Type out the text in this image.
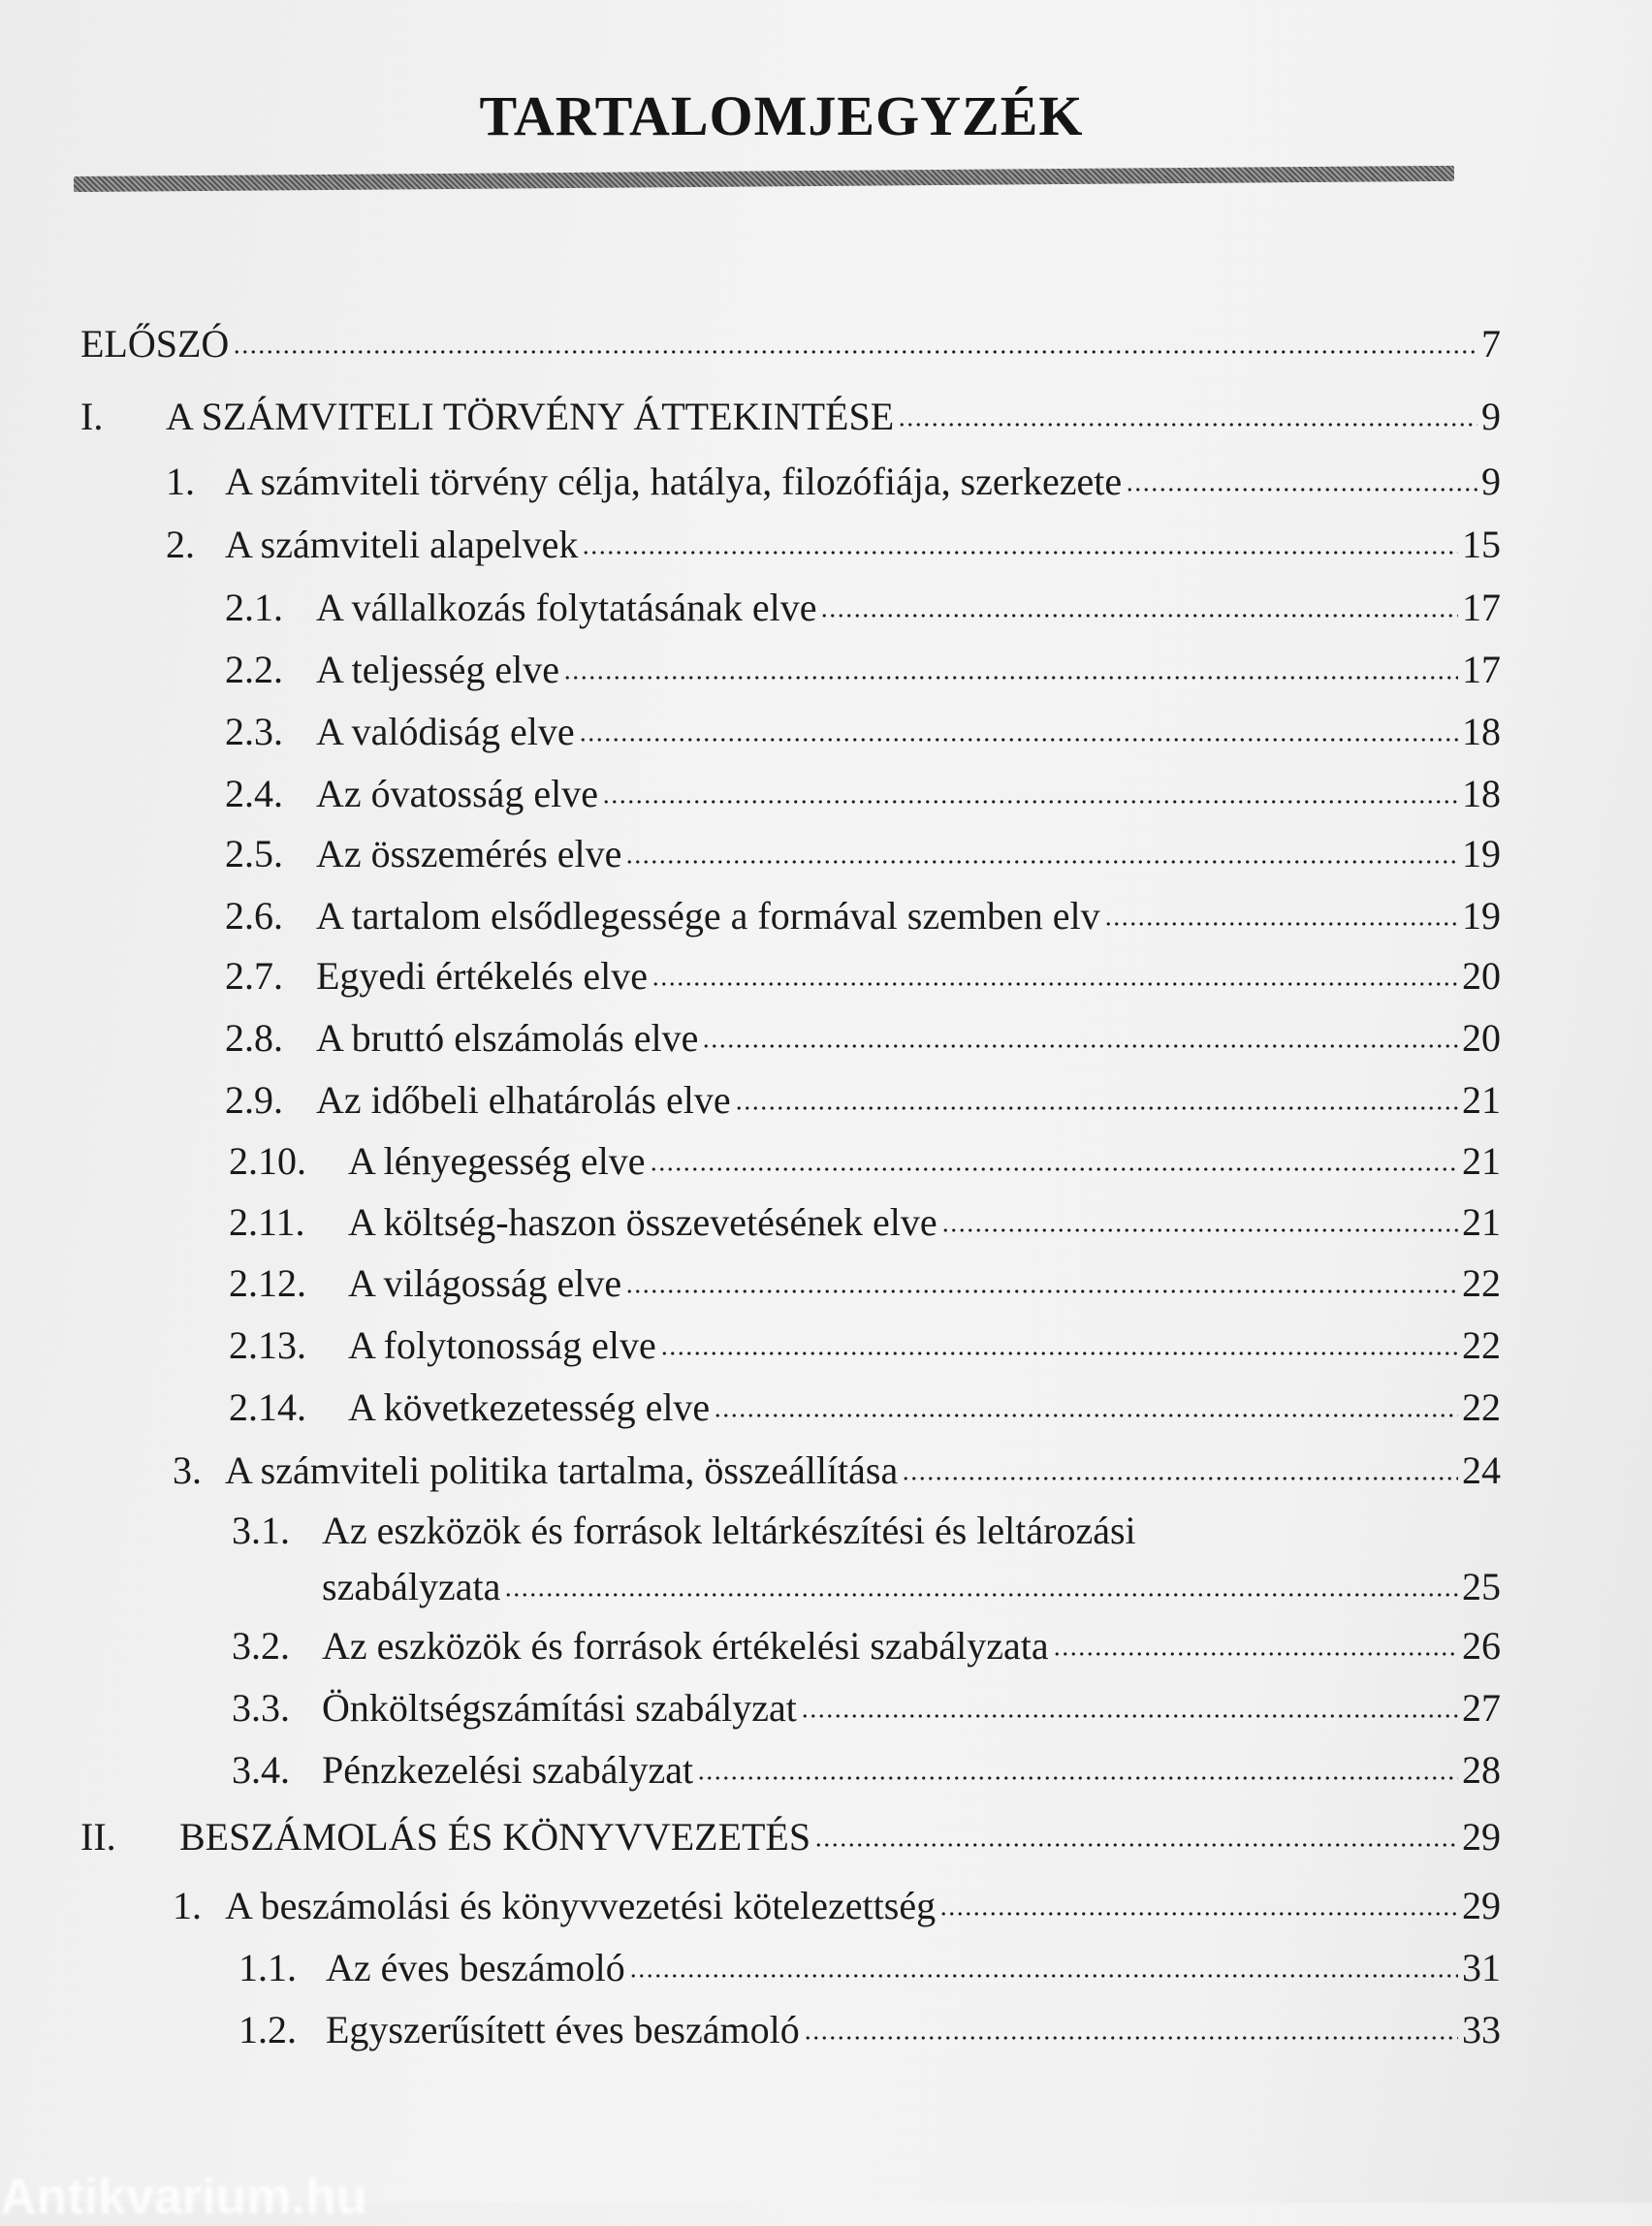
TARTALOMJEGYZÉK
ELŐSZÓ	7
I.	A SZÁMVITELI TÖRVÉNY ÁTTEKINTÉSE	9
1. A számviteli törvény célja, hatálya, filozófiája, szerkezete	9
2. A számviteli alapelvek	15
2.1. A vállalkozás folytatásának elve	17
2.2. A teljesség elve	17
2.3. A valódiság elve	18
2.4. Az óvatosság elve	18
2.5. Az összemérés elve	19
2.6. A tartalom elsődlegessége a formával szemben elv	19
2.7. Egyedi értékelés elve	20
2.8. A bruttó elszámolás elve	20
2.9. Az időbeli elhatárolás elve	21
2.10.	A lényegesség elve	21
2.11.	A költség-haszon összevetésének elve	21
2.12.	A világosság elve	22
2.13.	A folytonosság elve	22
2.14.	A következetesség elve	22
3. A számviteli politika tartalma, összeállítása	24
3.1. Az eszközök és források leltárkészítési és leltározási
szabályzata	25
3.2. Az eszközök és források értékelési szabályzata	26
3.3. Önköltségszámítási szabályzat	27
3.4. Pénzkezelési szabályzat	28
II.	BESZÁMOLÁS ÉS KÖNYVVEZETÉS	29
1. A beszámolási és könyvvezetési kötelezettség	29
1.1. Az éves beszámoló	31
1.2. Egyszerűsített éves beszámoló	33
Antikvarium.hu
